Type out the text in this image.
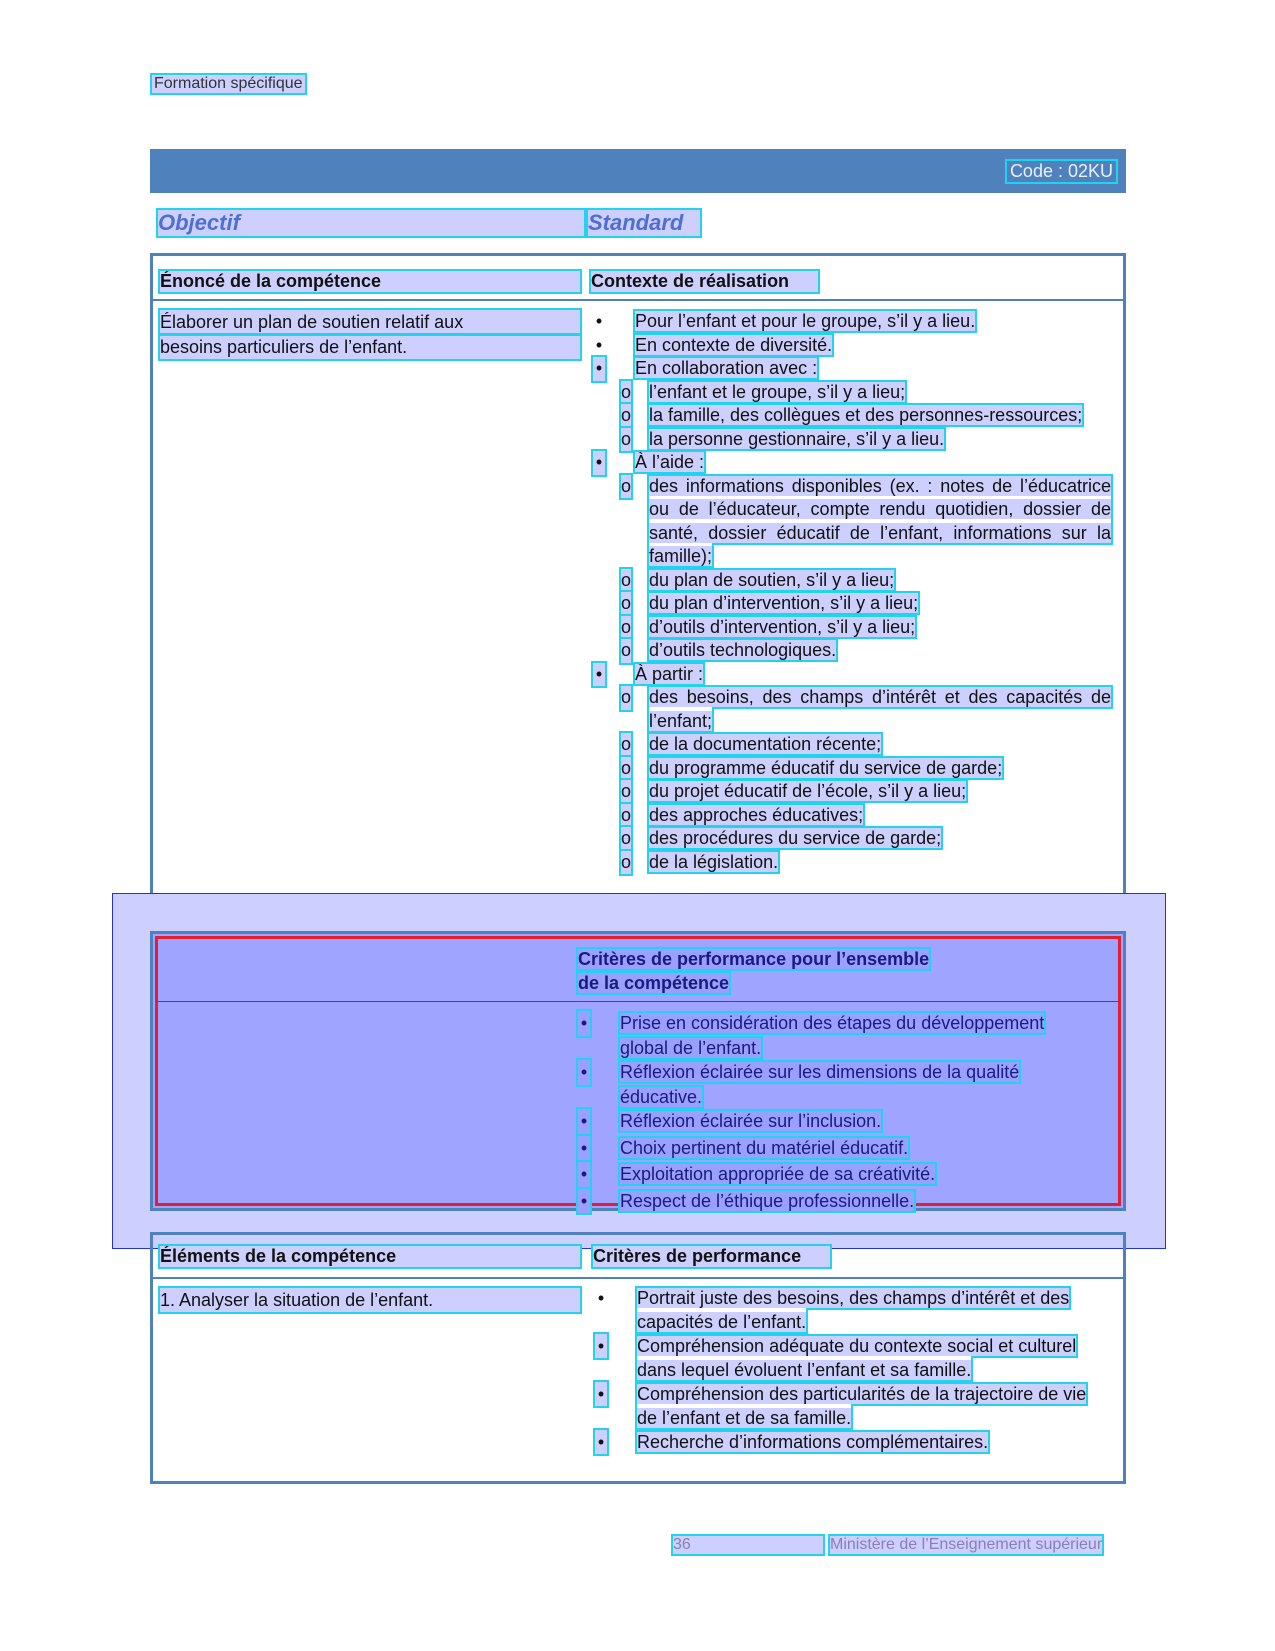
Formation spécifique
Code : 02KU
Objectif	Standard
Énoncé de la compétence	Contexte de réalisation
Élaborer un plan de soutien relatif aux
besoins particuliers de l’enfant.
• Pour l’enfant et pour le groupe, s’il y a lieu.
• En contexte de diversité.
• En collaboration avec :
o l’enfant et le groupe, s’il y a lieu;
o la famille, des collègues et des personnes-ressources;
o la personne gestionnaire, s’il y a lieu.
• À l’aide :
o des informations disponibles (ex. : notes de l’éducatrice ou de l’éducateur, compte rendu quotidien, dossier de santé, dossier éducatif de l’enfant, informations sur la famille);
o du plan de soutien, s’il y a lieu;
o du plan d’intervention, s’il y a lieu;
o d’outils d’intervention, s’il y a lieu;
o d’outils technologiques.
• À partir :
o des besoins, des champs d’intérêt et des capacités de l’enfant;
o de la documentation récente;
o du programme éducatif du service de garde;
o du projet éducatif de l’école, s’il y a lieu;
o des approches éducatives;
o des procédures du service de garde;
o de la législation.
Critères de performance pour l’ensemble
de la compétence
• Prise en considération des étapes du développement global de l’enfant.
• Réflexion éclairée sur les dimensions de la qualité éducative.
• Réflexion éclairée sur l’inclusion.
• Choix pertinent du matériel éducatif.
• Exploitation appropriée de sa créativité.
• Respect de l’éthique professionnelle.
Éléments de la compétence	Critères de performance
1. Analyser la situation de l’enfant.	• Portrait juste des besoins, des champs d’intérêt et des capacités de l’enfant.
• Compréhension adéquate du contexte social et culturel dans lequel évoluent l’enfant et sa famille.
• Compréhension des particularités de la trajectoire de vie de l’enfant et de sa famille.
• Recherche d’informations complémentaires.
36	Ministère de l’Enseignement supérieur
